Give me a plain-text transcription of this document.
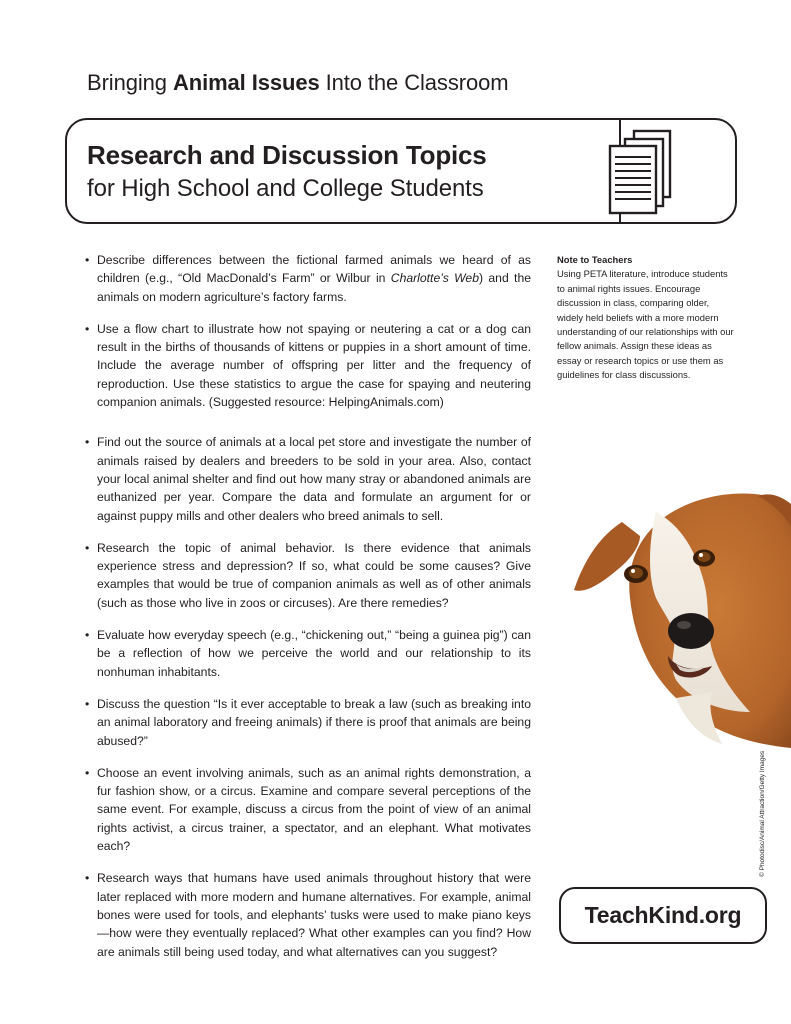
Bringing Animal Issues Into the Classroom
Research and Discussion Topics
for High School and College Students
• Describe differences between the fictional farmed animals we heard of as children (e.g., “Old MacDonald’s Farm” or Wilbur in Charlotte’s Web) and the animals on modern agriculture’s factory farms.
• Use a flow chart to illustrate how not spaying or neutering a cat or a dog can result in the births of thousands of kittens or puppies in a short amount of time. Include the average number of offspring per litter and the frequency of reproduction. Use these statistics to argue the case for spaying and neutering companion animals. (Suggested resource: HelpingAnimals.com)
• Find out the source of animals at a local pet store and investigate the number of animals raised by dealers and breeders to be sold in your area. Also, contact your local animal shelter and find out how many stray or abandoned animals are euthanized per year. Compare the data and formulate an argument for or against puppy mills and other dealers who breed animals to sell.
• Research the topic of animal behavior. Is there evidence that animals experience stress and depression? If so, what could be some causes? Give examples that would be true of companion animals as well as of other animals (such as those who live in zoos or circuses). Are there remedies?
• Evaluate how everyday speech (e.g., “chickening out,” “being a guinea pig”) can be a reflection of how we perceive the world and our relationship to its nonhuman inhabitants.
• Discuss the question “Is it ever acceptable to break a law (such as breaking into an animal laboratory and freeing animals) if there is proof that animals are being abused?”
• Choose an event involving animals, such as an animal rights demonstration, a fur fashion show, or a circus. Examine and compare several perceptions of the same event. For example, discuss a circus from the point of view of an animal rights activist, a circus trainer, a spectator, and an elephant. What motivates each?
• Research ways that humans have used animals throughout history that were later replaced with more modern and humane alternatives. For example, animal bones were used for tools, and elephants’ tusks were used to make piano keys—how were they eventually replaced? What other examples can you find? How are animals still being used today, and what alternatives can you suggest?
Note to Teachers
Using PETA literature, introduce students to animal rights issues. Encourage discussion in class, comparing older, widely held beliefs with a more modern understanding of our relationships with our fellow animals. Assign these ideas as essay or research topics or use them as guidelines for class discussions.
© Photodisc/Animal Attraction/Getty Images
TeachKind.org
